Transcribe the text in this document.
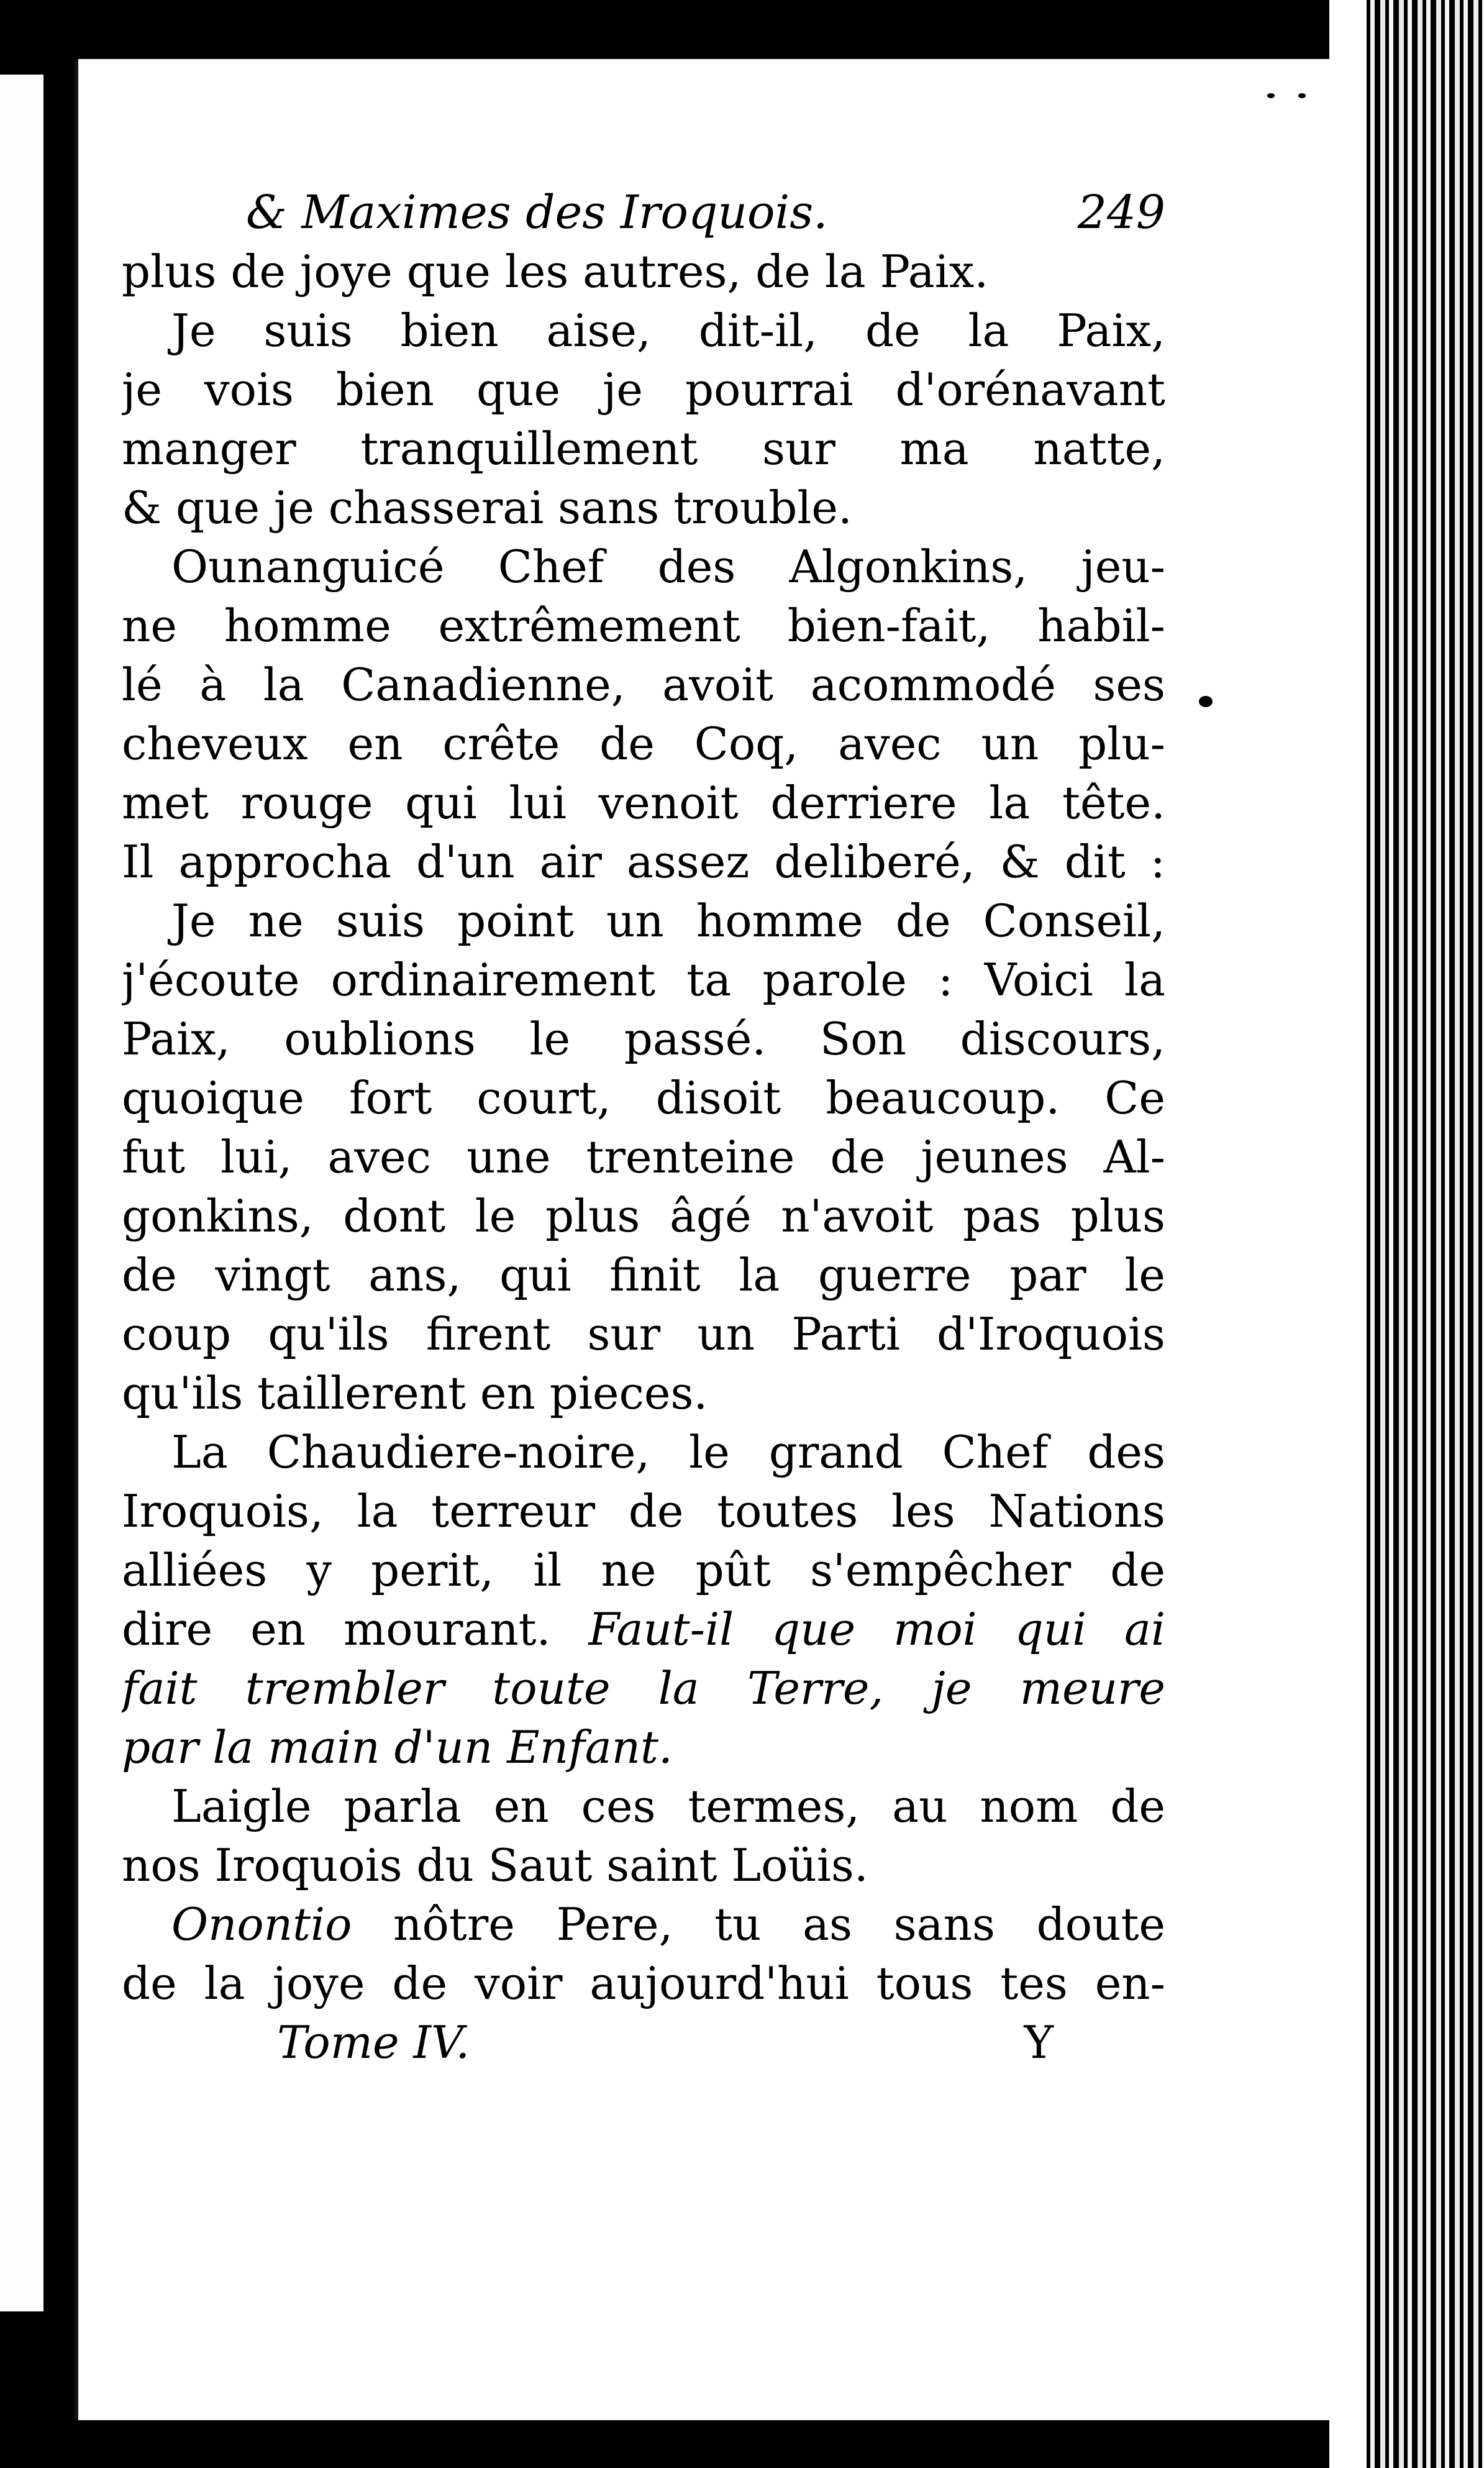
& Maximes des Iroquois.	249
plus de joye que les autres, de la Paix.
Je suis bien aise, dit-il, de la Paix,
je vois bien que je pourrai d'orénavant
manger tranquillement sur ma natte,
& que je chasserai sans trouble.
Ounanguicé Chef des Algonkins, jeu-
ne homme extrêmement bien-fait, habil-
lé à la Canadienne, avoit acommodé ses
cheveux en crête de Coq, avec un plu-
met rouge qui lui venoit derriere la tête.
Il approcha d'un air assez deliberé, & dit :
Je ne suis point un homme de Conseil,
j'écoute ordinairement ta parole : Voici la
Paix, oublions le passé. Son discours,
quoique fort court, disoit beaucoup. Ce
fut lui, avec une trenteine de jeunes Al-
gonkins, dont le plus âgé n'avoit pas plus
de vingt ans, qui finit la guerre par le
coup qu'ils firent sur un Parti d'Iroquois
qu'ils taillerent en pieces.
La Chaudiere-noire, le grand Chef des
Iroquois, la terreur de toutes les Nations
alliées y perit, il ne pût s'empêcher de
dire en mourant. Faut-il que moi qui ai
fait trembler toute la Terre, je meure
par la main d'un Enfant.
Laigle parla en ces termes, au nom de
nos Iroquois du Saut saint Loüis.
Onontio nôtre Pere, tu as sans doute
de la joye de voir aujourd'hui tous tes en-
Tome IV.	Y
